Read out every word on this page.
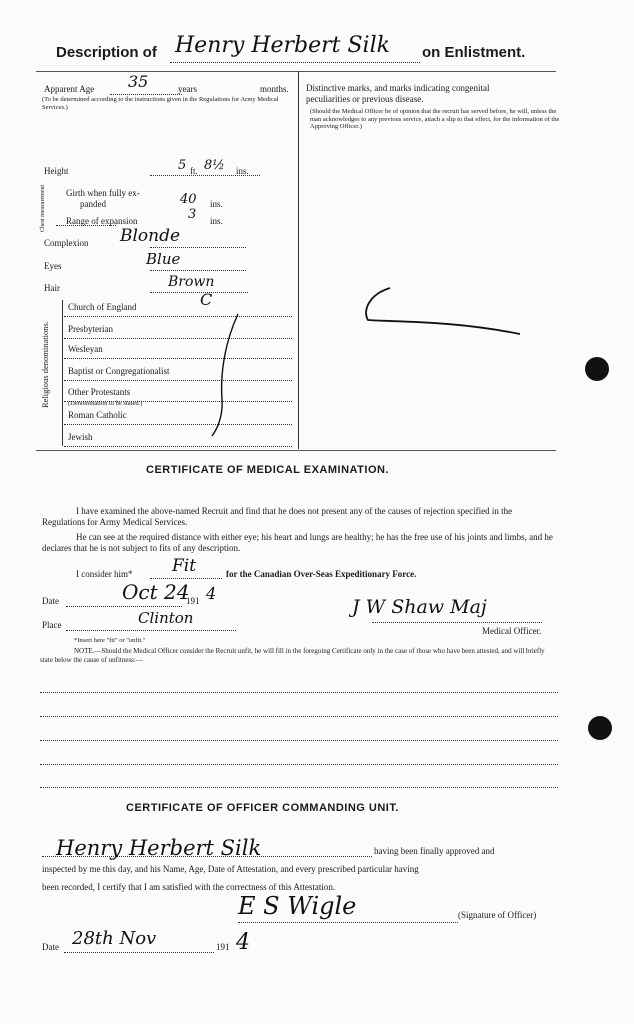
Description of Henry Herbert Silk on Enlistment.
Apparent Age 35	years	months.
(To be determined according to the instructions given in the Regulations for Army Medical Services.)
Height	5 ft. 8½ ins.
Chest measurement Girth when fully ex-
panded	40 ins.
Range of expansion	3 ins.
Complexion Blonde
Eyes	Blue
Hair	Brown
Religious denominations.
Church of England
Presbyterian
Wesleyan
Baptist or Congregationalist
Other Protestants
Roman Catholic
Jewish
(Denomination to be stated.)
C
Distinctive marks, and marks indicating congenital
peculiarities or previous disease.
(Should the Medical Officer be of opinion that the recruit has served before, he will, unless the man acknowledges to any previous service, attach a slip to that effect, for the information of the Approving Officer.)
CERTIFICATE OF MEDICAL EXAMINATION.
I have examined the above-named Recruit and find that he does not present any of the causes of rejection specified in the Regulations for Army Medical Services.
He can see at the required distance with either eye; his heart and lungs are healthy; he has the free use of his joints and limbs, and he declares that he is not subject to fits of any description.
I consider him* Fit	for the Canadian Over-Seas Expeditionary Force.
Date	Oct 24
191 4
Place	Clinton	J W Shaw Maj
Medical Officer.
*Insert here "fit" or "unfit."
NOTE.—Should the Medical Officer consider the Recruit unfit, he will fill in the foregoing Certificate only in the case of those who have been attested, and will briefly state below the cause of unfitness:—
CERTIFICATE OF OFFICER COMMANDING UNIT.
Henry Herbert Silk	having been finally approved and
inspected by me this day, and his Name, Age, Date of Attestation, and every prescribed particular having
been recorded, I certify that I am satisfied with the correctness of this Attestation.
E S Wigle	(Signature of Officer)
Date 28th Nov	191 4
